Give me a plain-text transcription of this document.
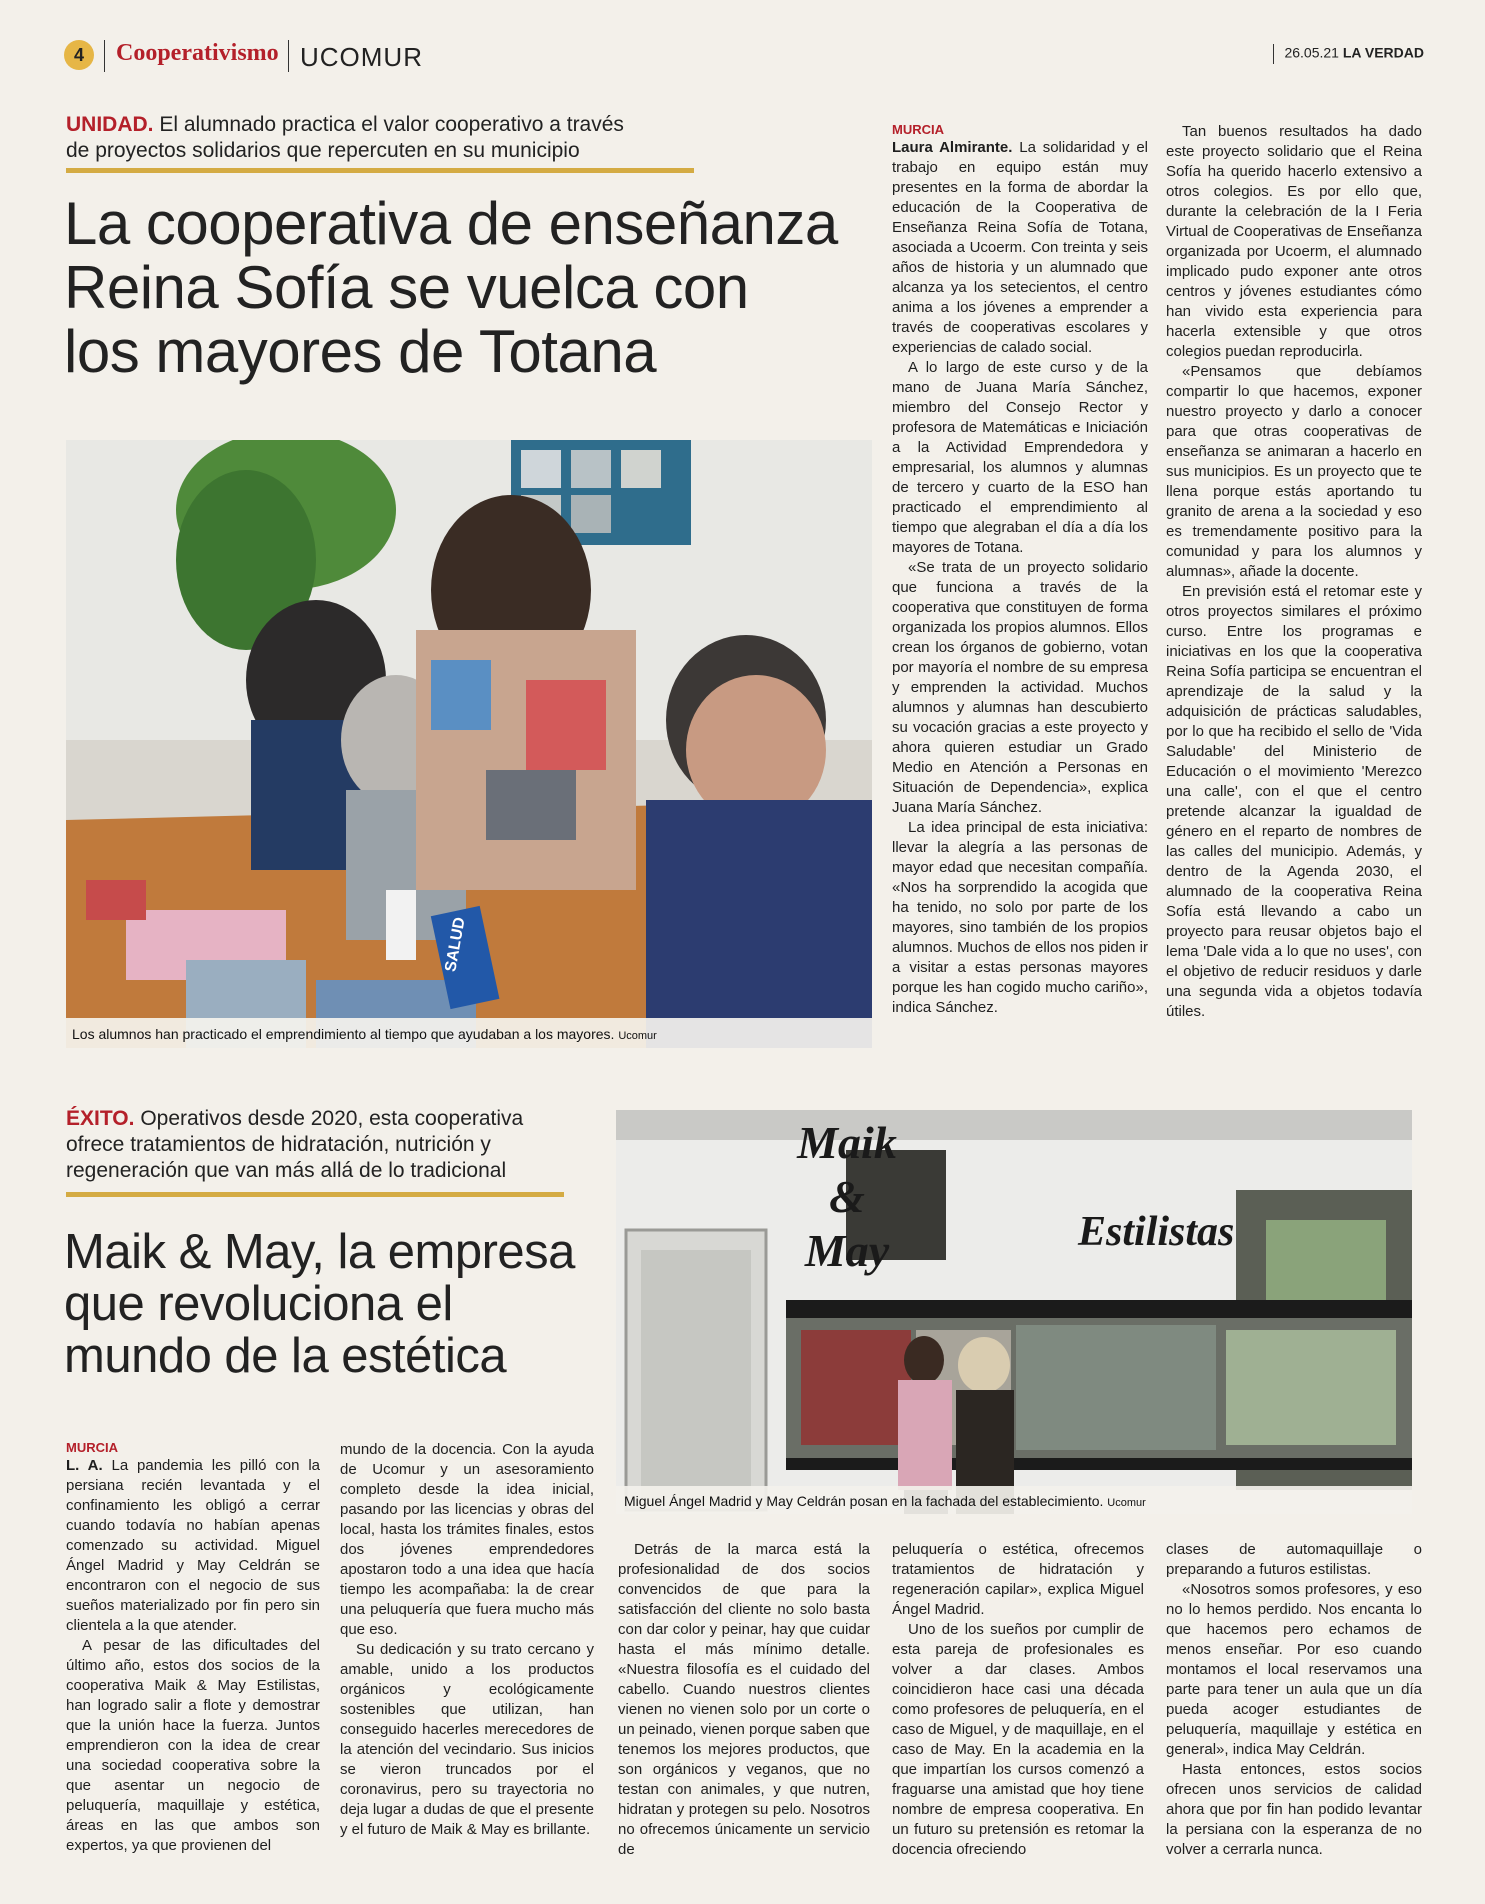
4	Cooperativismo UCOMUR	26.05.21 LA VERDAD
UNIDAD. El alumnado practica el valor cooperativo a través
de proyectos solidarios que repercuten en su municipio
La cooperativa de enseñanza
Reina Sofía se vuelca con
los mayores de Totana
SALUD
Los alumnos han practicado el emprendimiento al tiempo que ayudaban a los mayores. Ucomur
MURCIA

Laura Almirante. La solidaridad y el trabajo en equipo están muy presentes en la forma de abordar la educación de la Cooperativa de Enseñanza Reina Sofía de Totana, asociada a Ucoerm. Con treinta y seis años de historia y un alumnado que alcanza ya los setecientos, el centro anima a los jóvenes a emprender a través de cooperativas escolares y experiencias de calado social.

A lo largo de este curso y de la mano de Juana María Sánchez, miembro del Consejo Rector y profesora de Matemáticas e Iniciación a la Actividad Emprendedora y empresarial, los alumnos y alumnas de tercero y cuarto de la ESO han practicado el emprendimiento al tiempo que alegraban el día a día los mayores de Totana.

«Se trata de un proyecto solidario que funciona a través de la cooperativa que constituyen de forma organizada los propios alumnos. Ellos crean los órganos de gobierno, votan por mayoría el nombre de su empresa y emprenden la actividad. Muchos alumnos y alumnas han descubierto su vocación gracias a este proyecto y ahora quieren estudiar un Grado Medio en Atención a Personas en Situación de Dependencia», explica Juana María Sánchez.

La idea principal de esta iniciativa: llevar la alegría a las personas de mayor edad que necesitan compañía. «Nos ha sorprendido la acogida que ha tenido, no solo por parte de los mayores, sino también de los propios alumnos. Muchos de ellos nos piden ir a visitar a estas personas mayores porque les han cogido mucho cariño», indica Sánchez.

Tan buenos resultados ha dado este proyecto solidario que el Reina Sofía ha querido hacerlo extensivo a otros colegios. Es por ello que, durante la celebración de la I Feria Virtual de Cooperativas de Enseñanza organizada por Ucoerm, el alumnado implicado pudo exponer ante otros centros y jóvenes estudiantes cómo han vivido esta experiencia para hacerla extensible y que otros colegios puedan reproducirla.

«Pensamos que debíamos compartir lo que hacemos, exponer nuestro proyecto y darlo a conocer para que otras cooperativas de enseñanza se animaran a hacerlo en sus municipios. Es un proyecto que te llena porque estás aportando tu granito de arena a la sociedad y eso es tremendamente positivo para la comunidad y para los alumnos y alumnas», añade la docente.

En previsión está el retomar este y otros proyectos similares el próximo curso. Entre los programas e iniciativas en los que la cooperativa Reina Sofía participa se encuentran el aprendizaje de la salud y la adquisición de prácticas saludables, por lo que ha recibido el sello de 'Vida Saludable' del Ministerio de Educación o el movimiento 'Merezco una calle', con el que el centro pretende alcanzar la igualdad de género en el reparto de nombres de las calles del municipio. Además, y dentro de la Agenda 2030, el alumnado de la cooperativa Reina Sofía está llevando a cabo un proyecto para reusar objetos bajo el lema 'Dale vida a lo que no uses', con el objetivo de reducir residuos y darle una segunda vida a objetos todavía útiles.

ÉXITO. Operativos desde 2020, esta cooperativa
ofrece tratamientos de hidratación, nutrición y
regeneración que van más allá de lo tradicional
Maik & May, la empresa
que revoluciona el
mundo de la estética
Maik
&
May	Estilistas
Miguel Ángel Madrid y May Celdrán posan en la fachada del establecimiento. Ucomur
MURCIA

L. A. La pandemia les pilló con la persiana recién levantada y el confinamiento les obligó a cerrar cuando todavía no habían apenas comenzado su actividad. Miguel Ángel Madrid y May Celdrán se encontraron con el negocio de sus sueños materializado por fin pero sin clientela a la que atender.

A pesar de las dificultades del último año, estos dos socios de la cooperativa Maik & May Estilistas, han logrado salir a flote y demostrar que la unión hace la fuerza. Juntos emprendieron con la idea de crear una sociedad cooperativa sobre la que asentar un negocio de peluquería, maquillaje y estética, áreas en las que ambos son expertos, ya que provienen del

mundo de la docencia. Con la ayuda de Ucomur y un asesoramiento completo desde la idea inicial, pasando por las licencias y obras del local, hasta los trámites finales, estos dos jóvenes emprendedores apostaron todo a una idea que hacía tiempo les acompañaba: la de crear una peluquería que fuera mucho más que eso.

Su dedicación y su trato cercano y amable, unido a los productos orgánicos y ecológicamente sostenibles que utilizan, han conseguido hacerles merecedores de la atención del vecindario. Sus inicios se vieron truncados por el coronavirus, pero su trayectoria no deja lugar a dudas de que el presente y el futuro de Maik & May es brillante.

Detrás de la marca está la profesionalidad de dos socios convencidos de que para la satisfacción del cliente no solo basta con dar color y peinar, hay que cuidar hasta el más mínimo detalle. «Nuestra filosofía es el cuidado del cabello. Cuando nuestros clientes vienen no vienen solo por un corte o un peinado, vienen porque saben que tenemos los mejores productos, que son orgánicos y veganos, que no testan con animales, y que nutren, hidratan y protegen su pelo. Nosotros no ofrecemos únicamente un servicio de

peluquería o estética, ofrecemos tratamientos de hidratación y regeneración capilar», explica Miguel Ángel Madrid.

Uno de los sueños por cumplir de esta pareja de profesionales es volver a dar clases. Ambos coincidieron hace casi una década como profesores de peluquería, en el caso de Miguel, y de maquillaje, en el caso de May. En la academia en la que impartían los cursos comenzó a fraguarse una amistad que hoy tiene nombre de empresa cooperativa. En un futuro su pretensión es retomar la docencia ofreciendo

clases de automaquillaje o preparando a futuros estilistas.

«Nosotros somos profesores, y eso no lo hemos perdido. Nos encanta lo que hacemos pero echamos de menos enseñar. Por eso cuando montamos el local reservamos una parte para tener un aula que un día pueda acoger estudiantes de peluquería, maquillaje y estética en general», indica May Celdrán.

Hasta entonces, estos socios ofrecen unos servicios de calidad ahora que por fin han podido levantar la persiana con la esperanza de no volver a cerrarla nunca.
